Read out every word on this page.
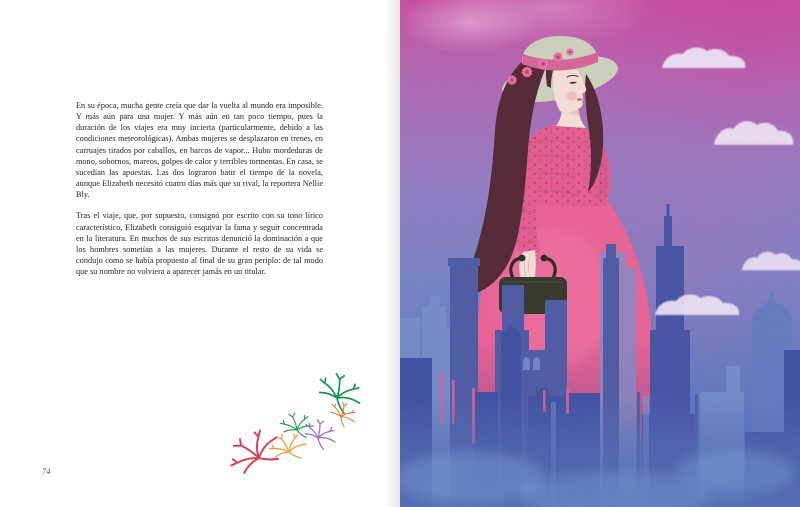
En su época, mucha gente creía que dar la vuelta al mundo era imposible. Y más aún para una mujer. Y más aún en tan poco tiempo, pues la duración de los viajes era muy incierta (particularmente, debido a las condiciones meteorológicas). Ambas mujeres se desplazaron en trenes, en carruajes tirados por caballos, en barcos de vapor... Hubo mordeduras de mono, sobornos, mareos, golpes de calor y terribles tormentas. En casa, se sucedían las apuestas. Las dos lograron batir el tiempo de la novela, aunque Elizabeth necesitó cuatro días más que su rival, la reportera Nellie Bly.

Tras el viaje, que, por supuesto, consignó por escrito con su tono lírico característico, Elizabeth consiguió esquivar la fama y seguir concentrada en la literatura. En muchos de sus escritos denunció la dominación a que los hombres sometían a las mujeres. Durante el resto de su vida se condujo como se había propuesto al final de su gran periplo: de tal modo que su nombre no volviera a aparecer jamás en un titular.

74
